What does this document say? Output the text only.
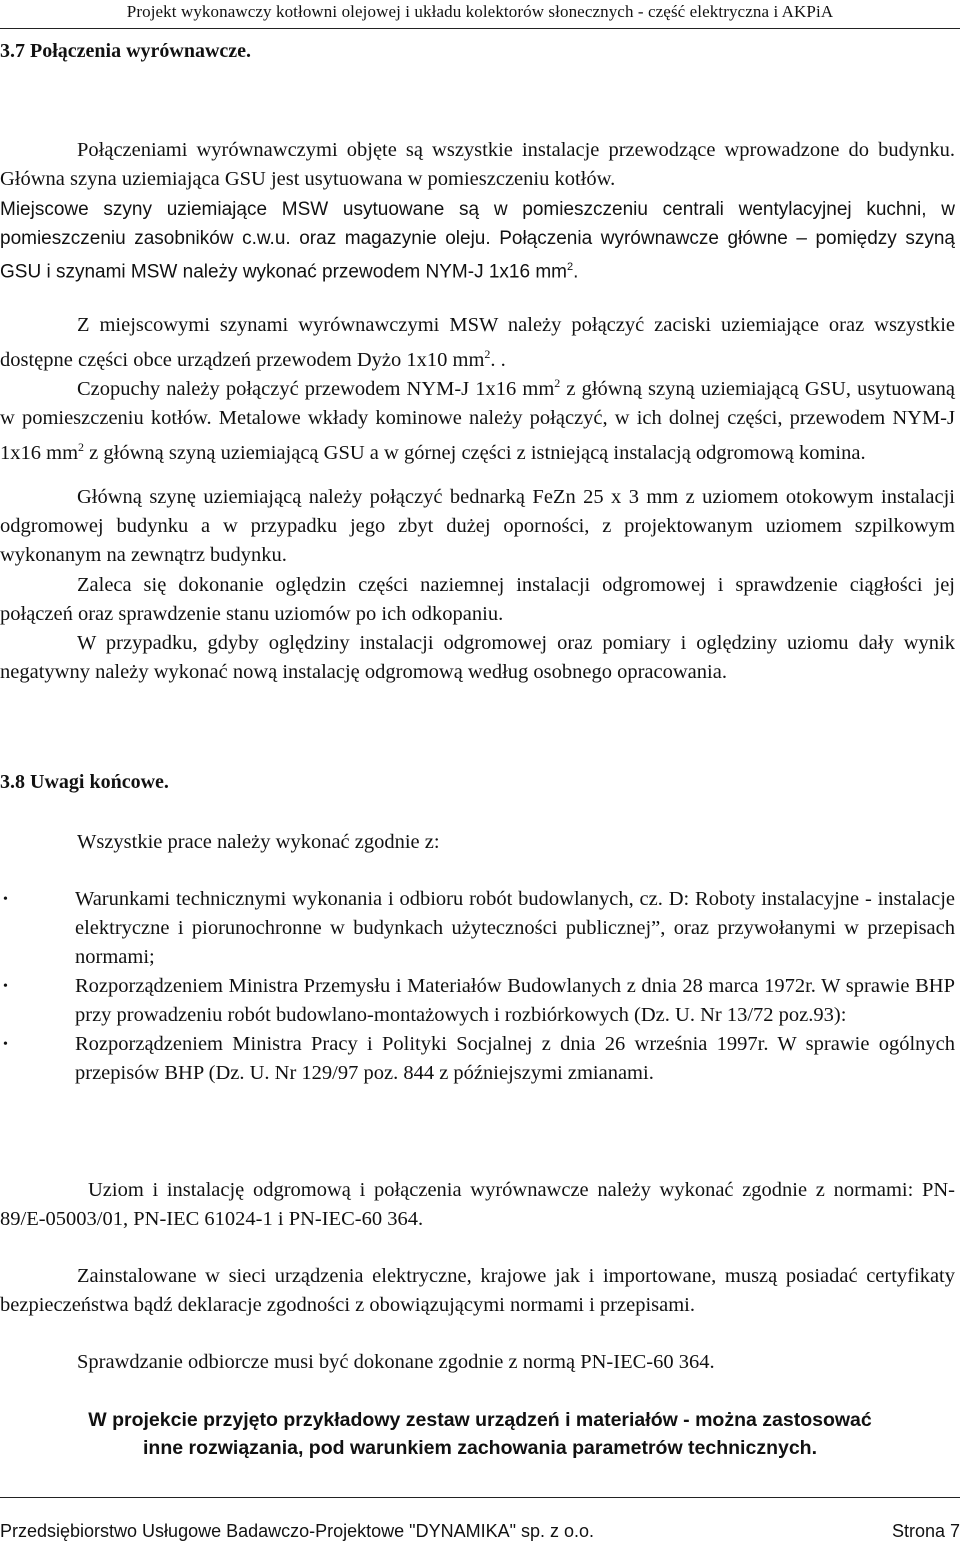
Projekt wykonawczy kotłowni olejowej i układu kolektorów słonecznych - część elektryczna i AKPiA
3.7 Połączenia wyrównawcze.
Połączeniami wyrównawczymi objęte są wszystkie instalacje przewodzące wprowadzone do budynku. Główna szyna uziemiająca GSU jest usytuowana w pomieszczeniu kotłów.
Miejscowe szyny uziemiające MSW usytuowane są w pomieszczeniu centrali wentylacyjnej kuchni, w pomieszczeniu zasobników c.w.u. oraz magazynie oleju. Połączenia wyrównawcze główne – pomiędzy szyną GSU i szynami MSW należy wykonać przewodem NYM-J 1x16 $mm^2$.
Z miejscowymi szynami wyrównawczymi MSW należy połączyć zaciski uziemiające oraz wszystkie dostępne części obce urządzeń przewodem Dyżo 1x10 $mm^2$. .
Czopuchy należy połączyć przewodem NYM-J 1x16 $mm^2$ z główną szyną uziemiającą GSU, usytuowaną w pomieszczeniu kotłów. Metalowe wkłady kominowe należy połączyć, w ich dolnej części, przewodem NYM-J 1x16 $mm^2$ z główną szyną uziemiającą GSU a w górnej części z istniejącą instalacją odgromową komina.
Główną szynę uziemiającą należy połączyć bednarką FeZn 25 x 3 mm z uziomem otokowym instalacji odgromowej budynku a w przypadku jego zbyt dużej oporności, z projektowanym uziomem szpilkowym wykonanym na zewnątrz budynku.
Zaleca się dokonanie oględzin części naziemnej instalacji odgromowej i sprawdzenie ciągłości jej połączeń oraz sprawdzenie stanu uziomów po ich odkopaniu.
W przypadku, gdyby oględziny instalacji odgromowej oraz pomiary i oględziny uziomu dały wynik negatywny należy wykonać nową instalację odgromową według osobnego opracowania.
3.8 Uwagi końcowe.
Wszystkie prace należy wykonać zgodnie z:
•	Warunkami technicznymi wykonania i odbioru robót budowlanych, cz. D: Roboty instalacyjne - instalacje elektryczne i piorunochronne w budynkach użyteczności publicznej”, oraz przywołanymi w przepisach normami;
•	Rozporządzeniem Ministra Przemysłu i Materiałów Budowlanych z dnia 28 marca 1972r. W sprawie BHP przy prowadzeniu robót budowlano-montażowych i rozbiórkowych (Dz. U. Nr 13/72 poz.93):
•	Rozporządzeniem Ministra Pracy i Polityki Socjalnej z dnia 26 września 1997r. W sprawie ogólnych przepisów BHP (Dz. U. Nr 129/97 poz. 844 z późniejszymi zmianami.
Uziom i instalację odgromową i połączenia wyrównawcze należy wykonać zgodnie z normami: PN-89/E-05003/01, PN-IEC 61024-1 i PN-IEC-60 364.
Zainstalowane w sieci urządzenia elektryczne, krajowe jak i importowane, muszą posiadać certyfikaty bezpieczeństwa bądź deklaracje zgodności z obowiązującymi normami i przepisami.
Sprawdzanie odbiorcze musi być dokonane zgodnie z normą PN-IEC-60 364.
W projekcie przyjęto przykładowy zestaw urządzeń i materiałów - można zastosować
inne rozwiązania, pod warunkiem zachowania parametrów technicznych.
Przedsiębiorstwo Usługowe Badawczo-Projektowe "DYNAMIKA" sp. z o.o.	Strona 7
